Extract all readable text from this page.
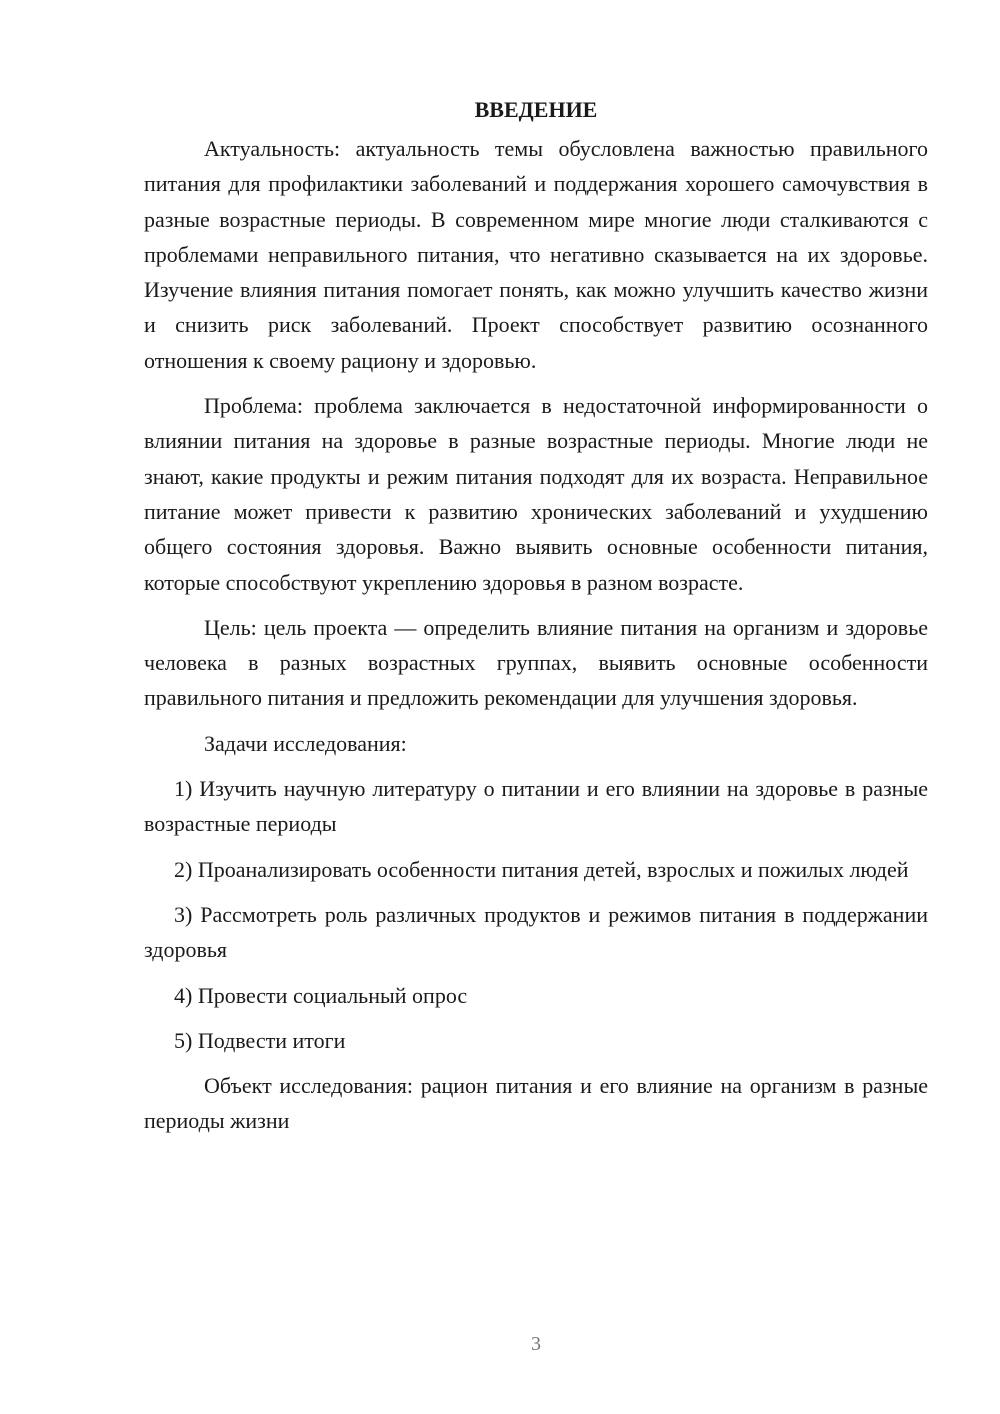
ВВЕДЕНИЕ

Актуальность: актуальность темы обусловлена важностью правильного питания для профилактики заболеваний и поддержания хорошего самочувствия в разные возрастные периоды. В современном мире многие люди сталкиваются с проблемами неправильного питания, что негативно сказывается на их здоровье. Изучение влияния питания помогает понять, как можно улучшить качество жизни и снизить риск заболеваний. Проект способствует развитию осознанного отношения к своему рациону и здоровью.

Проблема: проблема заключается в недостаточной информированности о влиянии питания на здоровье в разные возрастные периоды. Многие люди не знают, какие продукты и режим питания подходят для их возраста. Неправильное питание может привести к развитию хронических заболеваний и ухудшению общего состояния здоровья. Важно выявить основные особенности питания, которые способствуют укреплению здоровья в разном возрасте.

Цель: цель проекта — определить влияние питания на организм и здоровье человека в разных возрастных группах, выявить основные особенности правильного питания и предложить рекомендации для улучшения здоровья.

Задачи исследования:

1) Изучить научную литературу о питании и его влиянии на здоровье в разные возрастные периоды

2) Проанализировать особенности питания детей, взрослых и пожилых людей

3) Рассмотреть роль различных продуктов и режимов питания в поддержании здоровья

4) Провести социальный опрос

5) Подвести итоги

Объект исследования: рацион питания и его влияние на организм в разные периоды жизни

3
